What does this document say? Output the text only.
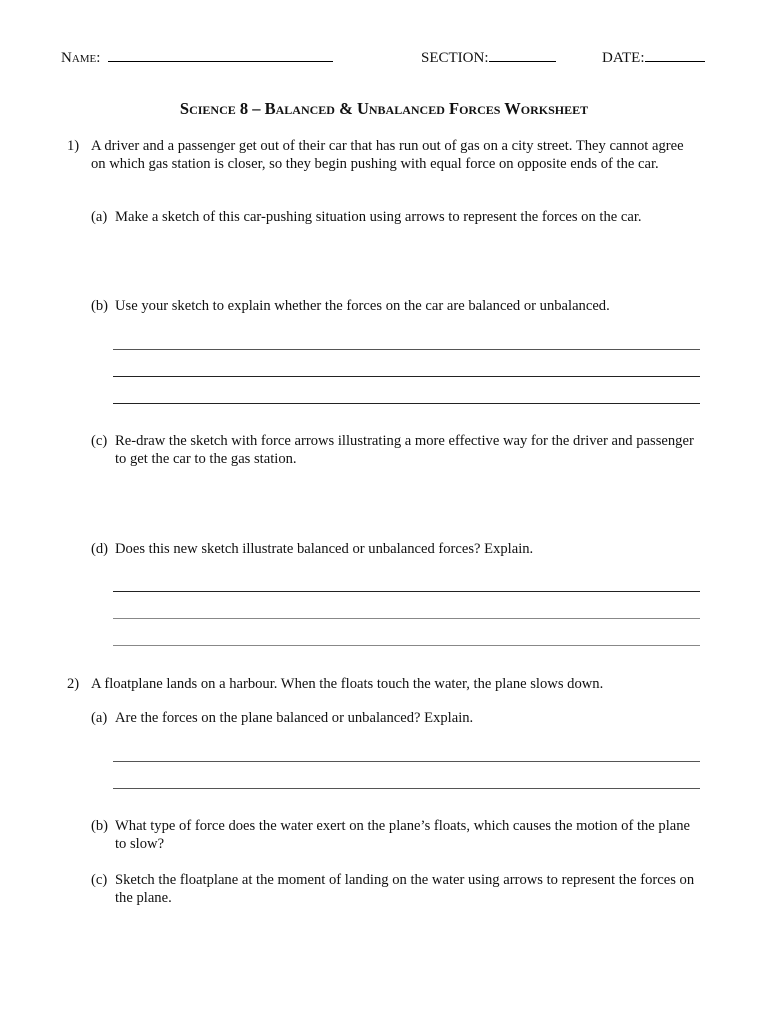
Name:	SECTION:	DATE:
Science 8 – Balanced & Unbalanced Forces Worksheet
1) A driver and a passenger get out of their car that has run out of gas on a city street. They cannot agree on which gas station is closer, so they begin pushing with equal force on opposite ends of the car.
(a) Make a sketch of this car-pushing situation using arrows to represent the forces on the car.
(b) Use your sketch to explain whether the forces on the car are balanced or unbalanced.
(c) Re-draw the sketch with force arrows illustrating a more effective way for the driver and passenger to get the car to the gas station.
(d) Does this new sketch illustrate balanced or unbalanced forces? Explain.
2) A floatplane lands on a harbour. When the floats touch the water, the plane slows down.
(a) Are the forces on the plane balanced or unbalanced? Explain.
(b) What type of force does the water exert on the plane’s floats, which causes the motion of the plane to slow?
(c) Sketch the floatplane at the moment of landing on the water using arrows to represent the forces on the plane.
